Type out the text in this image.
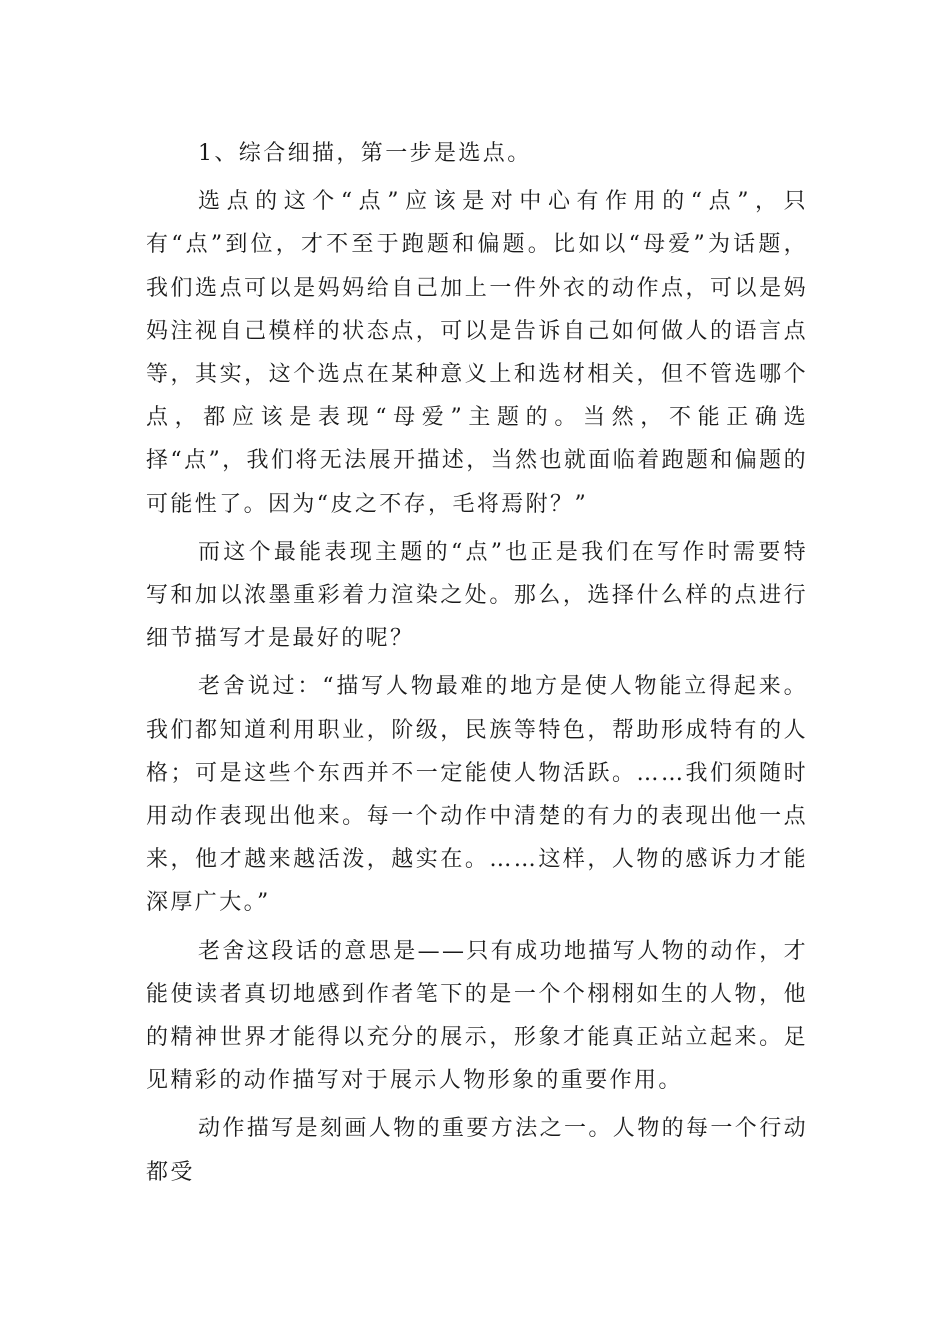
1、综合细描，第一步是选点。

选点的这个“点”应该是对中心有作用的“点”，只有“点”到位，才不至于跑题和偏题。比如以“母爱”为话题，我们选点可以是妈妈给自己加上一件外衣的动作点，可以是妈妈注视自己模样的状态点，可以是告诉自己如何做人的语言点等，其实，这个选点在某种意义上和选材相关，但不管选哪个点，都应该是表现“母爱”主题的。当然，不能正确选择“点”，我们将无法展开描述，当然也就面临着跑题和偏题的可能性了。因为“皮之不存，毛将焉附？”

而这个最能表现主题的“点”也正是我们在写作时需要特写和加以浓墨重彩着力渲染之处。那么，选择什么样的点进行细节描写才是最好的呢？

老舍说过：“描写人物最难的地方是使人物能立得起来。我们都知道利用职业，阶级，民族等特色，帮助形成特有的人格；可是这些个东西并不一定能使人物活跃。……我们须随时用动作表现出他来。每一个动作中清楚的有力的表现出他一点来，他才越来越活泼，越实在。……这样，人物的感诉力才能深厚广大。”

老舍这段话的意思是——只有成功地描写人物的动作，才能使读者真切地感到作者笔下的是一个个栩栩如生的人物，他的精神世界才能得以充分的展示，形象才能真正站立起来。足见精彩的动作描写对于展示人物形象的重要作用。

动作描写是刻画人物的重要方法之一。人物的每一个行动都受
